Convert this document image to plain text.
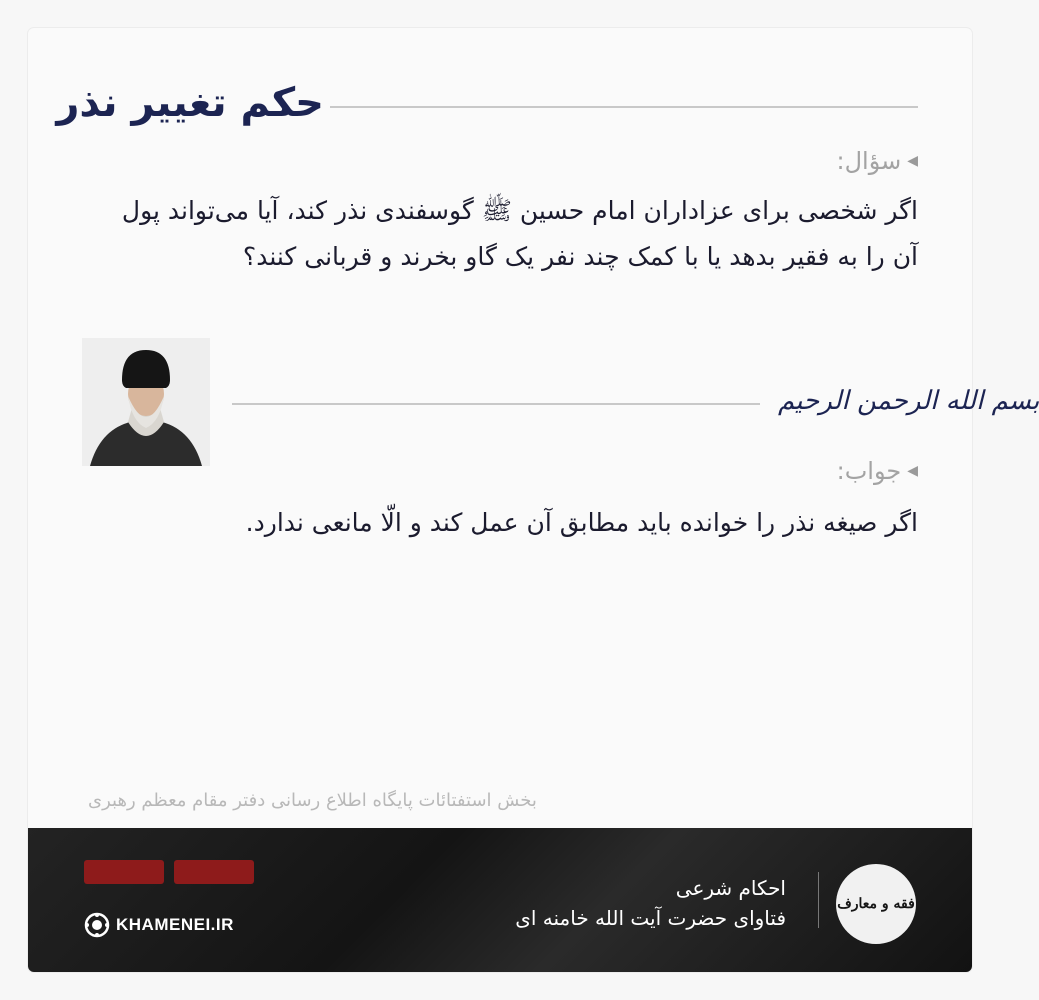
حکم تغییر نذر
◀
سؤال:
اگر شخصی برای عزاداران امام حسین ﷺ گوسفندی نذر کند، آیا می‌تواند پول آن را به فقیر بدهد یا با کمک چند نفر یک گاو بخرند و قربانی کنند؟
بسم الله الرحمن الرحیم
◀
جواب:
اگر صیغه نذر را خوانده باید مطابق آن عمل کند و الّا مانعی ندارد.
بخش استفتائات پایگاه اطلاع رسانی دفتر مقام معظم رهبری
فقه و معارف
احکام شرعی
فتاوای حضرت آیت الله خامنه ای
KHAMENEI.IR
